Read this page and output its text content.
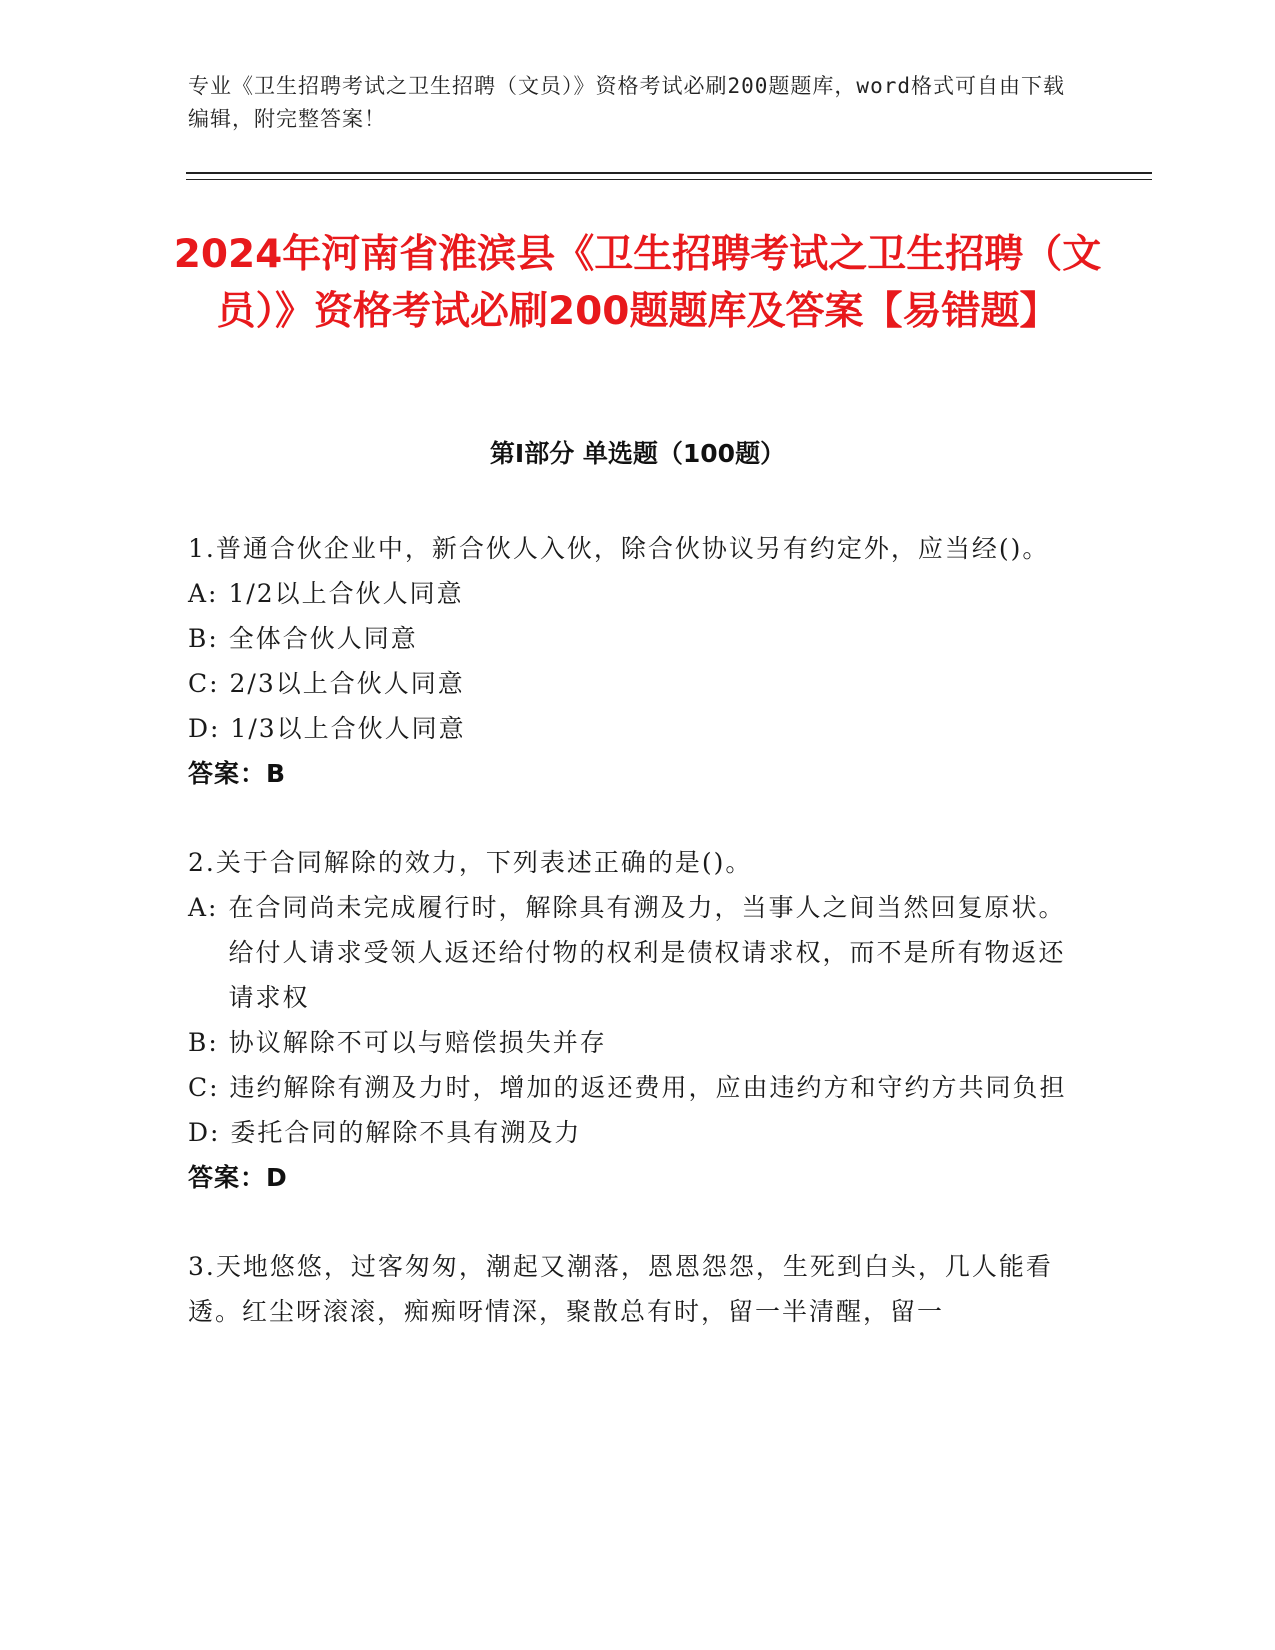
专业《卫生招聘考试之卫生招聘（文员）》资格考试必刷200题题库，word格式可自由下载编辑，附完整答案！
2024年河南省淮滨县《卫生招聘考试之卫生招聘（文员）》资格考试必刷200题题库及答案【易错题】
第Ⅰ部分 单选题（100题）
1.普通合伙企业中，新合伙人入伙，除合伙协议另有约定外，应当经()。
A: 1/2以上合伙人同意
B: 全体合伙人同意
C: 2/3以上合伙人同意
D: 1/3以上合伙人同意
答案：B
2.关于合同解除的效力，下列表述正确的是()。
A: 在合同尚未完成履行时，解除具有溯及力，当事人之间当然回复原状。给付人请求受领人返还给付物的权利是债权请求权，而不是所有物返还请求权
B: 协议解除不可以与赔偿损失并存
C: 违约解除有溯及力时，增加的返还费用，应由违约方和守约方共同负担
D: 委托合同的解除不具有溯及力
答案：D
3.天地悠悠，过客匆匆，潮起又潮落，恩恩怨怨，生死到白头，几人能看透。红尘呀滚滚，痴痴呀情深，聚散总有时，留一半清醒，留一
